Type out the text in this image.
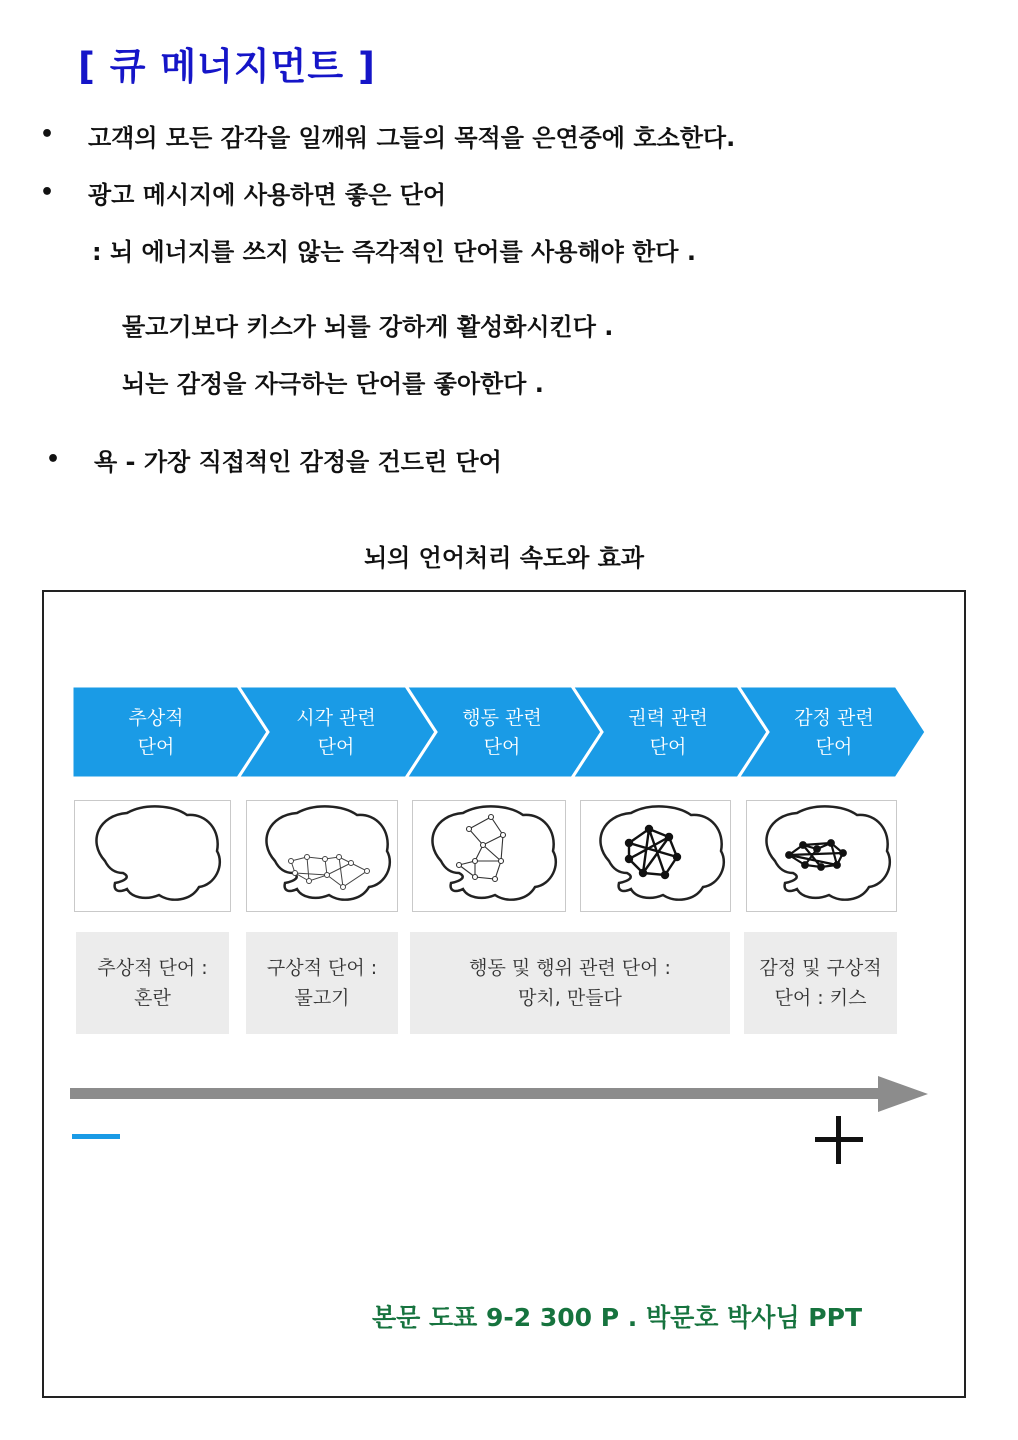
[ 큐 메너지먼트 ]
• 고객의 모든 감각을 일깨워 그들의 목적을 은연중에 호소한다.
• 광고 메시지에 사용하면 좋은 단어
: 뇌 에너지를 쓰지 않는 즉각적인 단어를 사용해야 한다 .
물고기보다 키스가 뇌를 강하게 활성화시킨다 .
뇌는 감정을 자극하는 단어를 좋아한다 .
• 욕 - 가장 직접적인 감정을 건드린 단어
뇌의 언어처리 속도와 효과
추상적
단어
시각 관련
단어
행동 관련
단어
권력 관련
단어
감정 관련
단어
추상적 단어 :
혼란
구상적 단어 :
물고기
행동 및 행위 관련 단어 :
망치, 만들다
감정 및 구상적
단어 : 키스
본문 도표 9-2 300 P . 박문호 박사님 PPT
